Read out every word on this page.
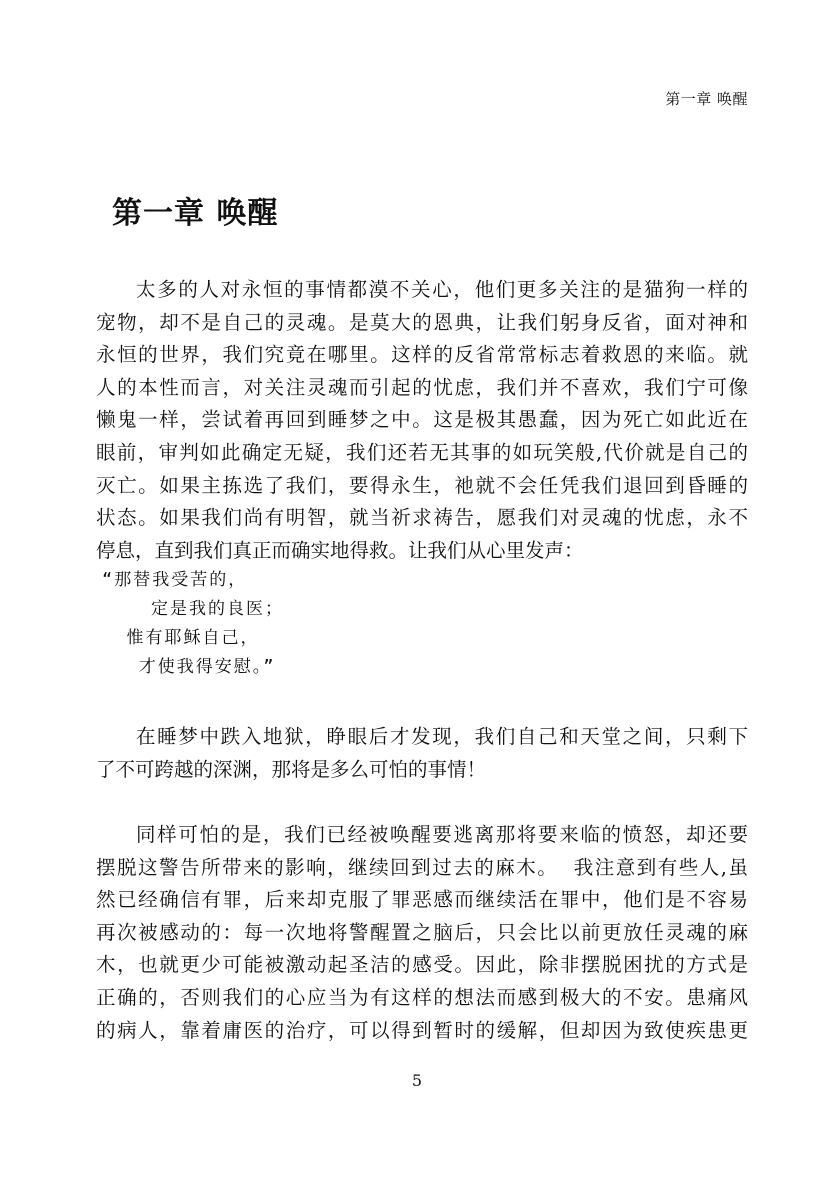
第一章 唤醒
第一章 唤醒
太多的人对永恒的事情都漠不关心，他们更多关注的是猫狗一样的
宠物，却不是自己的灵魂。是莫大的恩典，让我们躬身反省，面对神和
永恒的世界，我们究竟在哪里。这样的反省常常标志着救恩的来临。就
人的本性而言，对关注灵魂而引起的忧虑，我们并不喜欢，我们宁可像
懒鬼一样，尝试着再回到睡梦之中。这是极其愚蠢，因为死亡如此近在
眼前，审判如此确定无疑，我们还若无其事的如玩笑般,代价就是自己的
灭亡。如果主拣选了我们，要得永生，祂就不会任凭我们退回到昏睡的
状态。如果我们尚有明智，就当祈求祷告，愿我们对灵魂的忧虑，永不
停息，直到我们真正而确实地得救。让我们从心里发声：
“那替我受苦的，
定是我的良医；
惟有耶稣自己，
才使我得安慰。”
在睡梦中跌入地狱，睁眼后才发现，我们自己和天堂之间，只剩下
了不可跨越的深渊，那将是多么可怕的事情！
同样可怕的是，我们已经被唤醒要逃离那将要来临的愤怒，却还要
摆脱这警告所带来的影响，继续回到过去的麻木。  我注意到有些人,虽
然已经确信有罪，后来却克服了罪恶感而继续活在罪中，他们是不容易
再次被感动的：每一次地将警醒置之脑后，只会比以前更放任灵魂的麻
木，也就更少可能被激动起圣洁的感受。因此，除非摆脱困扰的方式是
正确的，否则我们的心应当为有这样的想法而感到极大的不安。患痛风
的病人，靠着庸医的治疗，可以得到暂时的缓解，但却因为致使疾患更
5
